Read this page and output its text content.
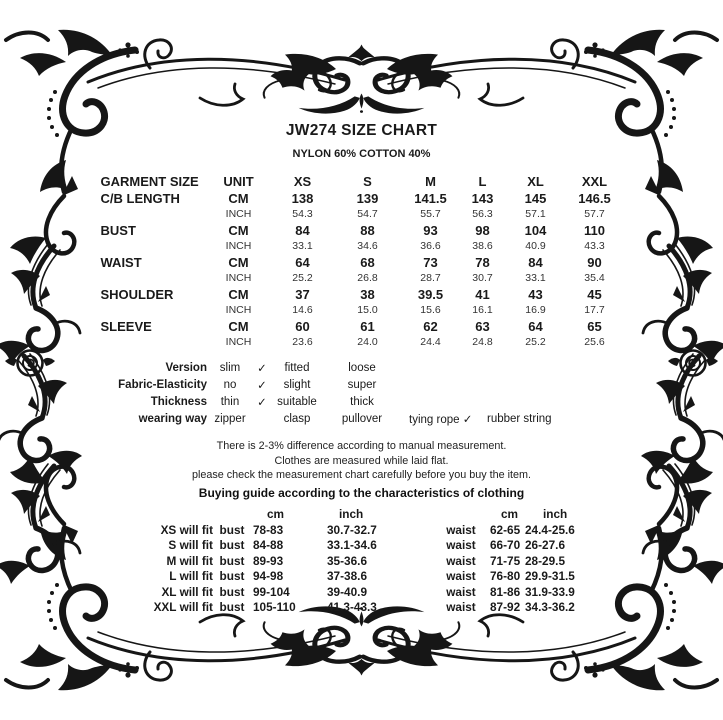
JW274 SIZE CHART
NYLON 60% COTTON 40%
GARMENT SIZE	UNIT	XS	S	M	L	XL	XXL
C/B LENGTH	CM	138	139	141.5	143	145	146.5
	INCH	54.3	54.7	55.7	56.3	57.1	57.7
BUST	CM	84	88	93	98	104	110
	INCH	33.1	34.6	36.6	38.6	40.9	43.3
WAIST	CM	64	68	73	78	84	90
	INCH	25.2	26.8	28.7	30.7	33.1	35.4
SHOULDER	CM	37	38	39.5	41	43	45
	INCH	14.6	15.0	15.6	16.1	16.9	17.7
SLEEVE	CM	60	61	62	63	64	65
	INCH	23.6	24.0	24.4	24.8	25.2	25.6
Version	slim	✓	fitted	loose		
Fabric-Elasticity	no	✓	slight	super		
Thickness	thin	✓	suitable	thick		
wearing way	zipper		clasp	pullover	tying rope ✓	rubber string
There is 2-3% difference according to manual measurement.
Clothes are measured while laid flat.
please check the measurement chart carefully before you buy the item.
Buying guide according to the characteristics of clothing
		cm	inch			cm	inch
XS will fit	bust	78-83	30.7-32.7		waist	62-65	24.4-25.6
S will fit	bust	84-88	33.1-34.6		waist	66-70	26-27.6
M will fit	bust	89-93	35-36.6		waist	71-75	28-29.5
L will fit	bust	94-98	37-38.6		waist	76-80	29.9-31.5
XL will fit	bust	99-104	39-40.9		waist	81-86	31.9-33.9
XXL will fit	bust	105-110	41.3-43.3		waist	87-92	34.3-36.2
